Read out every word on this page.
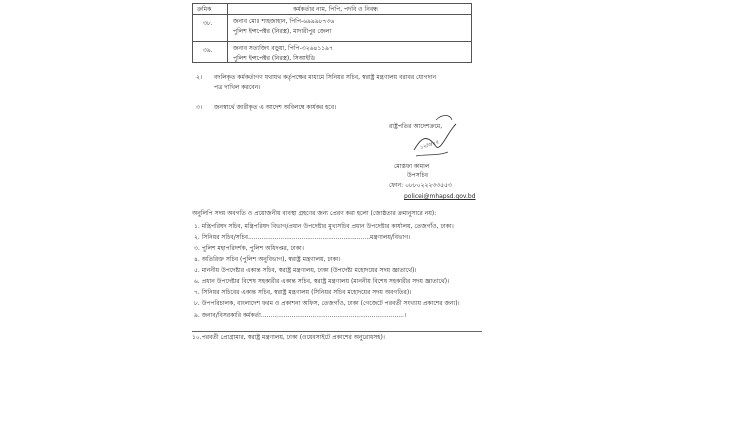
ক্রমিক	কর্মকর্তার নাম, পিপি, পদবি ও নিবন্ধ
৩৮.	জনাব মোঃ শাহজাহান, পিপি-৬৯৯৯৮৭৩৬
পুলিশ ইন্সপেক্টর (নিরস্ত্র), মাদারীপুর জেলা
৩৯.	জনাব সত্যজিৎ বড়ুয়া, পিপি-৩২৬৪১১৯৭
পুলিশ ইন্সপেক্টর (নিরস্ত্র), সিআইডি
২। বদলিকৃত কর্মকর্তাগণ যথাযথ কর্তৃপক্ষের মাধ্যমে সিনিয়র সচিব, স্বরাষ্ট্র মন্ত্রণালয় বরাবর যোগদান
পত্র দাখিল করবেন।
৩। জনস্বার্থে জারীকৃত এ আদেশ অবিলম্বে কার্যকর হবে।
রাষ্ট্রপতির আদেশক্রমে,
১২/৩/২৫
মোস্তফা কামাল
উপসচিব
ফোন: ০৮৮০২২২৩৩৫৫৩
policei@mhapsd.gov.bd
অনুলিপি সদয় অবগতি ও প্রয়োজনীয় ব্যবস্থা গ্রহণের জন্য প্রেরণ করা হলো (জ্যেষ্ঠতার ক্রমানুসারে নয়):
১. মন্ত্রিপরিষদ সচিব, মন্ত্রিপরিষদ বিভাগ/প্রধান উপদেষ্টার মুখ্যসচিব প্রধান উপদেষ্টার কার্যালয়, তেজগাঁও, ঢাকা।
২. সিনিয়র সচিব/সচিব................................................................মন্ত্রণালয়/বিভাগ।
৩. পুলিশ মহাপরিদর্শক, পুলিশ অধিদপ্তর, ঢাকা।
৪. অতিরিক্ত সচিব (পুলিশ অনুবিভাগ), স্বরাষ্ট্র মন্ত্রণালয়, ঢাকা।
৫. মাননীয় উপদেষ্টার একান্ত সচিব, স্বরাষ্ট্র মন্ত্রণালয়, ঢাকা (উপদেষ্টা মহোদয়ের সদয় জ্ঞাতার্থে)।
৬. প্রধান উপদেষ্টার বিশেষ সহকারীর একান্ত সচিব, স্বরাষ্ট্র মন্ত্রণালয় (মাননীয় বিশেষ সহকারীর সদয় জ্ঞাতার্থে)।
৭. সিনিয়র সচিবের একান্ত সচিব, স্বরাষ্ট্র মন্ত্রণালয় (সিনিয়র সচিব মহোদয়ের সদয় অবগতির)।
৮. উপপরিচালক, বাংলাদেশ ফরম ও প্রকাশনা অফিস, তেজগাঁও, ঢাকা (গেজেটে পরবর্তী সংখ্যায় প্রকাশের জন্য)।
৯. জনাব/বিসরকারি কর্মকর্তা...........................................................................।
১০.পরবর্তী প্রোগ্রামার, স্বরাষ্ট্র মন্ত্রণালয়, ঢাকা (ওয়েবসাইটে প্রকাশের অনুরোধসহ)।
